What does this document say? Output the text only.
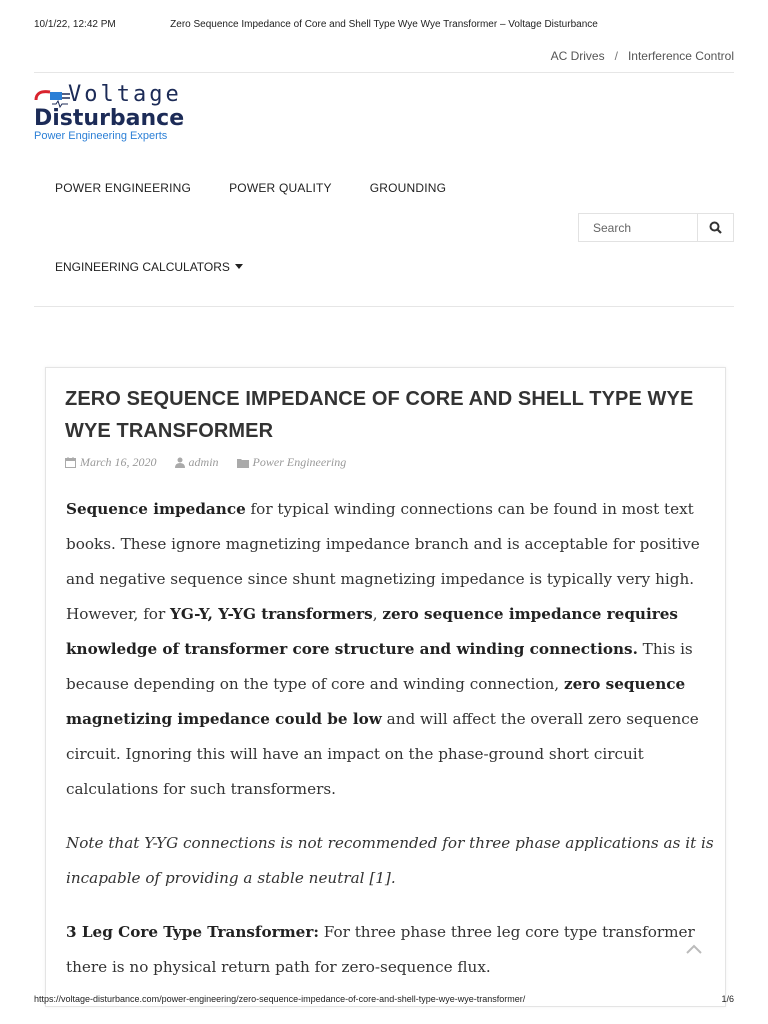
10/1/22, 12:42 PM	Zero Sequence Impedance of Core and Shell Type Wye Wye Transformer – Voltage Disturbance
AC Drives / Interference Control
Voltage
Disturbance
Power Engineering Experts
POWER ENGINEERING	POWER QUALITY	GROUNDING
ENGINEERING CALCULATORS
Search
ZERO SEQUENCE IMPEDANCE OF CORE AND SHELL TYPE WYE WYE TRANSFORMER
March 16, 2020	admin	Power Engineering

Sequence impedance for typical winding connections can be found in most text books. These ignore magnetizing impedance branch and is acceptable for positive and negative sequence since shunt magnetizing impedance is typically very high. However, for YG-Y, Y-YG transformers, zero sequence impedance requires knowledge of transformer core structure and winding connections. This is because depending on the type of core and winding connection, zero sequence magnetizing impedance could be low and will affect the overall zero sequence circuit. Ignoring this will have an impact on the phase-ground short circuit calculations for such transformers.

Note that Y-YG connections is not recommended for three phase applications as it is incapable of providing a stable neutral [1].

3 Leg Core Type Transformer: For three phase three leg core type transformer there is no physical return path for zero-sequence flux.

https://voltage-disturbance.com/power-engineering/zero-sequence-impedance-of-core-and-shell-type-wye-wye-transformer/	1/6
